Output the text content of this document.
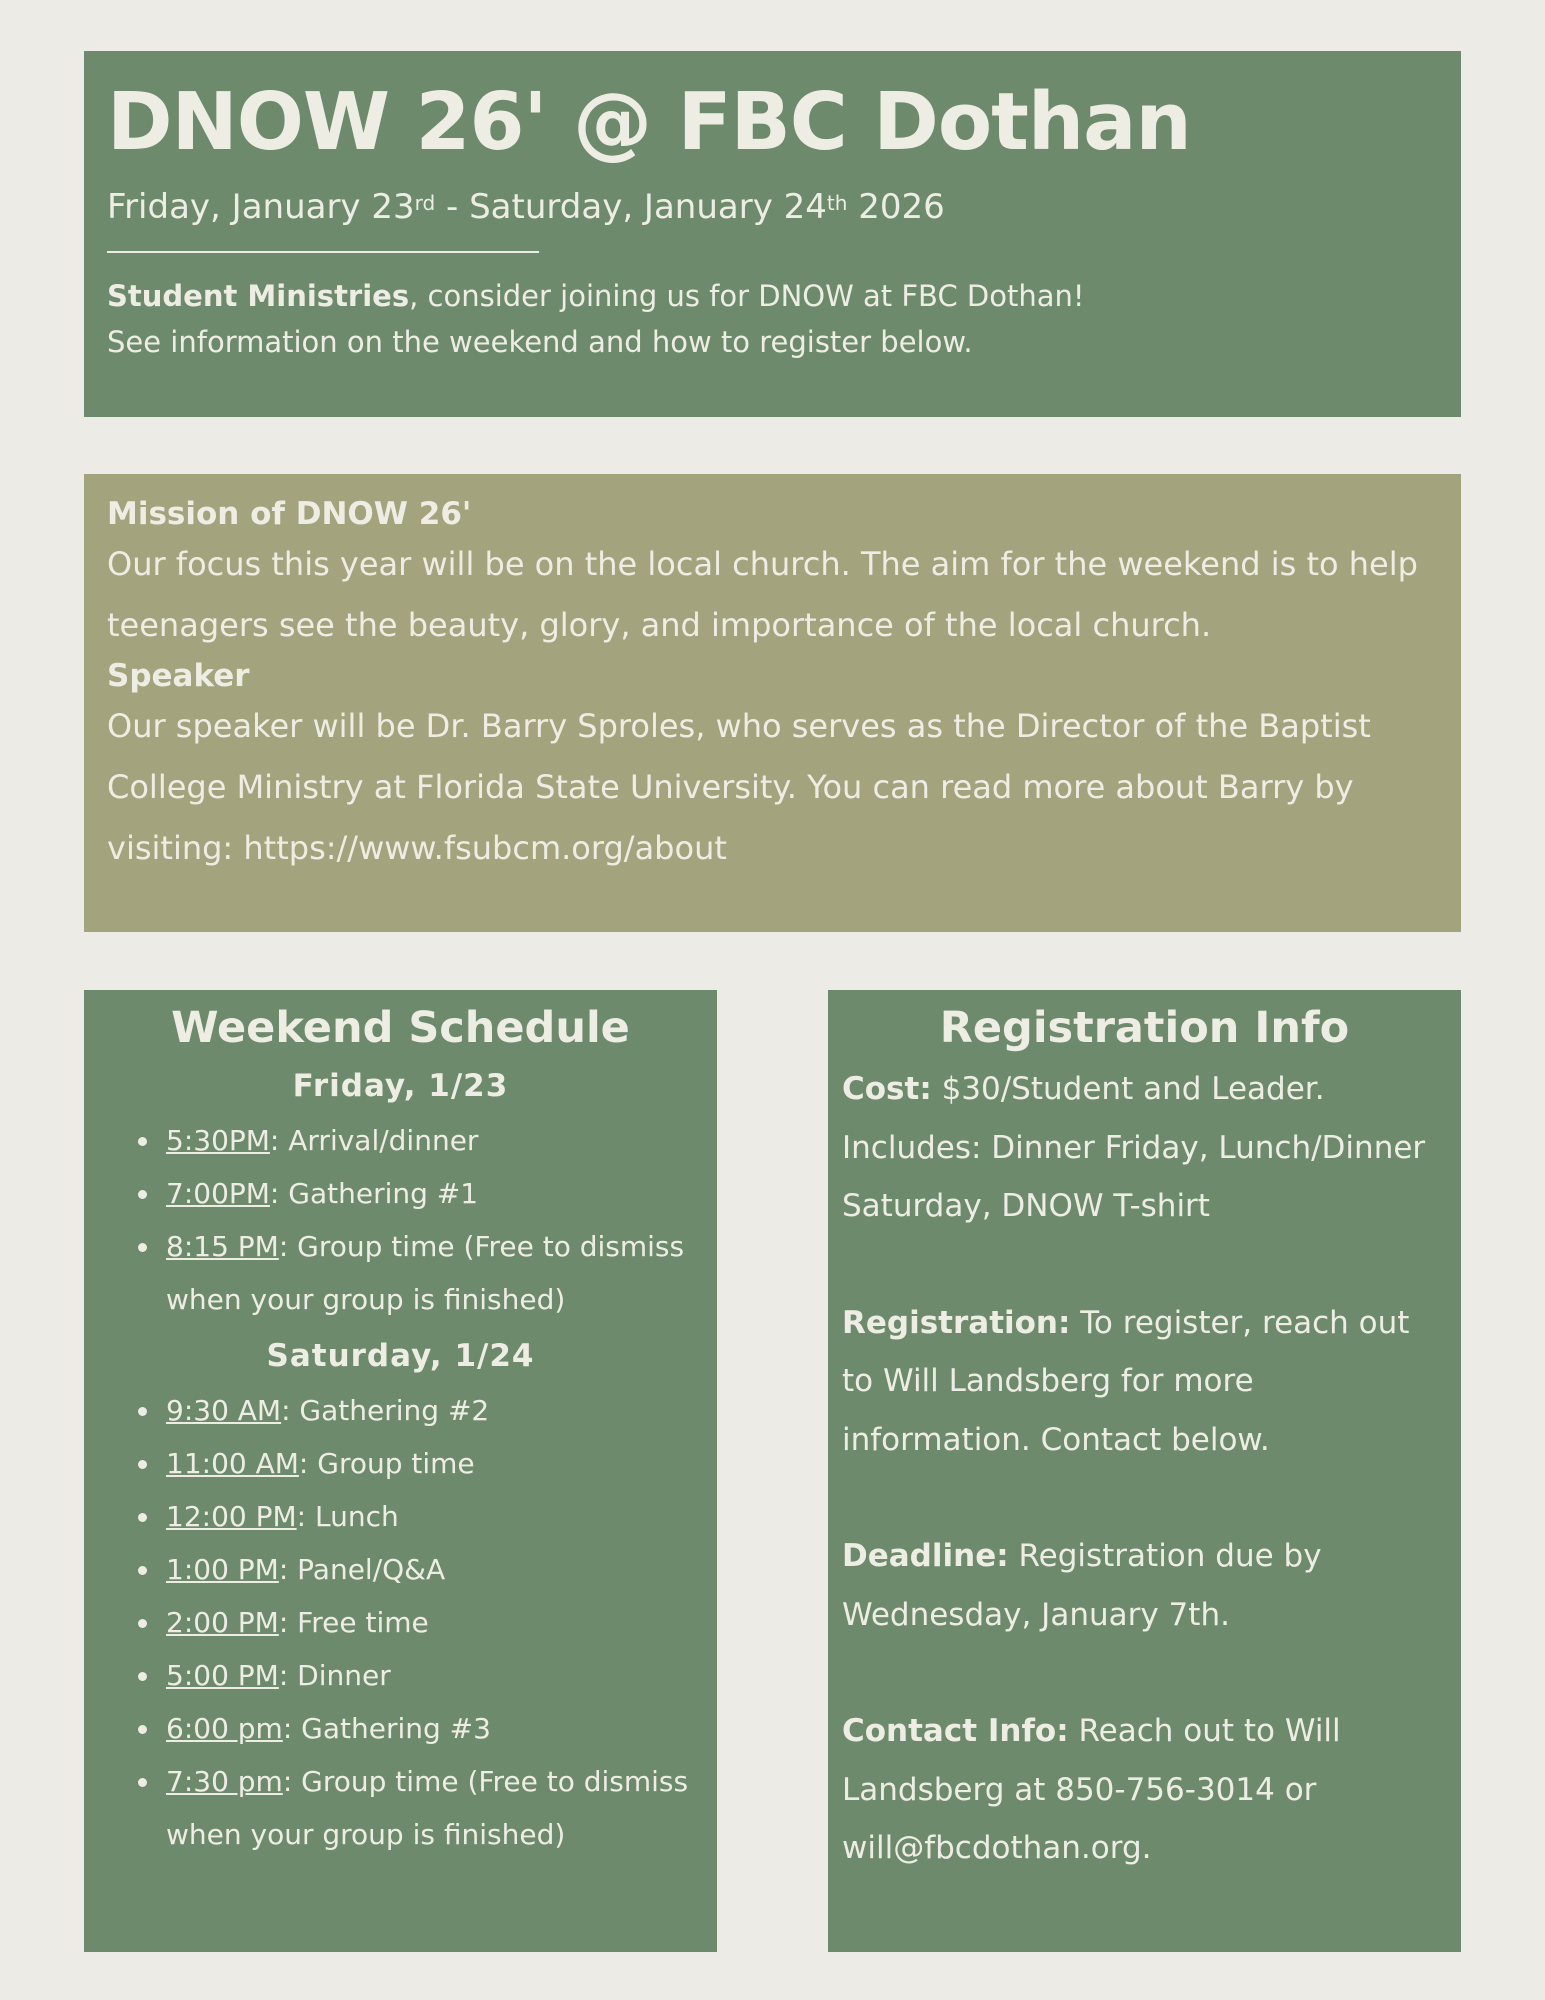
DNOW 26' @ FBC Dothan
Friday, January 23rd - Saturday, January 24th 2026
Student Ministries, consider joining us for DNOW at FBC Dothan!
See information on the weekend and how to register below.
Mission of DNOW 26'
Our focus this year will be on the local church. The aim for the weekend is to help teenagers see the beauty, glory, and importance of the local church.
Speaker
Our speaker will be Dr. Barry Sproles, who serves as the Director of the Baptist College Ministry at Florida State University. You can read more about Barry by visiting: https://www.fsubcm.org/about
Weekend Schedule
Friday, 1/23
• 5:30PM: Arrival/dinner
• 7:00PM: Gathering #1
• 8:15 PM: Group time (Free to dismiss when your group is finished)
Saturday, 1/24
• 9:30 AM: Gathering #2
• 11:00 AM: Group time
• 12:00 PM: Lunch
• 1:00 PM: Panel/Q&A
• 2:00 PM: Free time
• 5:00 PM: Dinner
• 6:00 pm: Gathering #3
• 7:30 pm: Group time (Free to dismiss when your group is finished)
Registration Info
Cost: $30/Student and Leader. Includes: Dinner Friday, Lunch/Dinner Saturday, DNOW T-shirt
Registration: To register, reach out to Will Landsberg for more information. Contact below.
Deadline: Registration due by Wednesday, January 7th.
Contact Info: Reach out to Will Landsberg at 850-756-3014 or will@fbcdothan.org.
